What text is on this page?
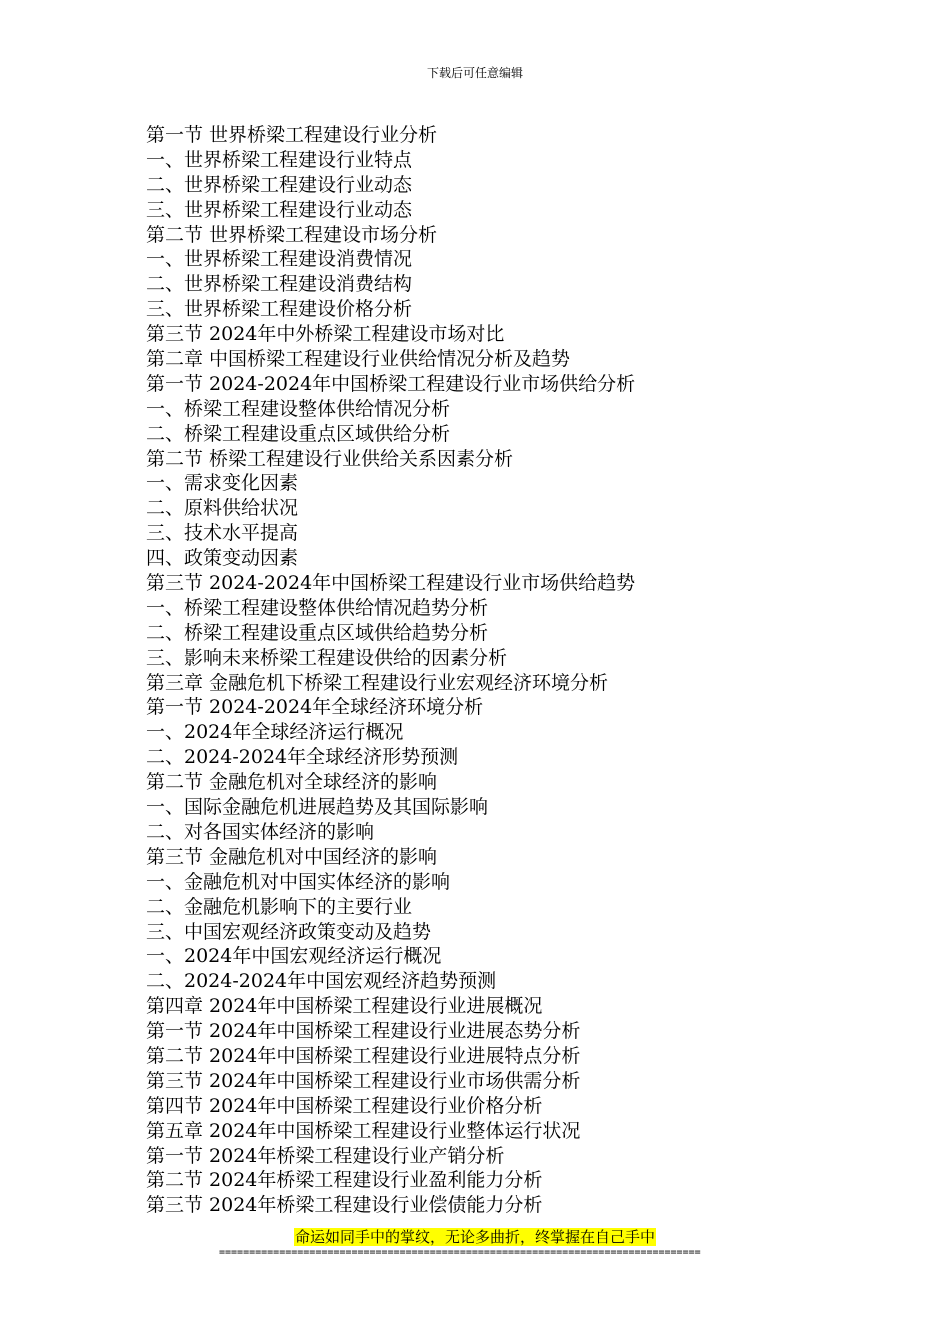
下载后可任意编辑
第一节 世界桥梁工程建设行业分析
一、世界桥梁工程建设行业特点
二、世界桥梁工程建设行业动态
三、世界桥梁工程建设行业动态
第二节 世界桥梁工程建设市场分析
一、世界桥梁工程建设消费情况
二、世界桥梁工程建设消费结构
三、世界桥梁工程建设价格分析
第三节 2024年中外桥梁工程建设市场对比
第二章 中国桥梁工程建设行业供给情况分析及趋势
第一节 2024-2024年中国桥梁工程建设行业市场供给分析
一、桥梁工程建设整体供给情况分析
二、桥梁工程建设重点区域供给分析
第二节 桥梁工程建设行业供给关系因素分析
一、需求变化因素
二、原料供给状况
三、技术水平提高
四、政策变动因素
第三节 2024-2024年中国桥梁工程建设行业市场供给趋势
一、桥梁工程建设整体供给情况趋势分析
二、桥梁工程建设重点区域供给趋势分析
三、影响未来桥梁工程建设供给的因素分析
第三章 金融危机下桥梁工程建设行业宏观经济环境分析
第一节 2024-2024年全球经济环境分析
一、2024年全球经济运行概况
二、2024-2024年全球经济形势预测
第二节 金融危机对全球经济的影响
一、国际金融危机进展趋势及其国际影响
二、对各国实体经济的影响
第三节 金融危机对中国经济的影响
一、金融危机对中国实体经济的影响
二、金融危机影响下的主要行业
三、中国宏观经济政策变动及趋势
一、2024年中国宏观经济运行概况
二、2024-2024年中国宏观经济趋势预测
第四章 2024年中国桥梁工程建设行业进展概况
第一节 2024年中国桥梁工程建设行业进展态势分析
第二节 2024年中国桥梁工程建设行业进展特点分析
第三节 2024年中国桥梁工程建设行业市场供需分析
第四节 2024年中国桥梁工程建设行业价格分析
第五章 2024年中国桥梁工程建设行业整体运行状况
第一节 2024年桥梁工程建设行业产销分析
第二节 2024年桥梁工程建设行业盈利能力分析
第三节 2024年桥梁工程建设行业偿债能力分析
命运如同手中的掌纹，无论多曲折，终掌握在自己手中
================================================================================
